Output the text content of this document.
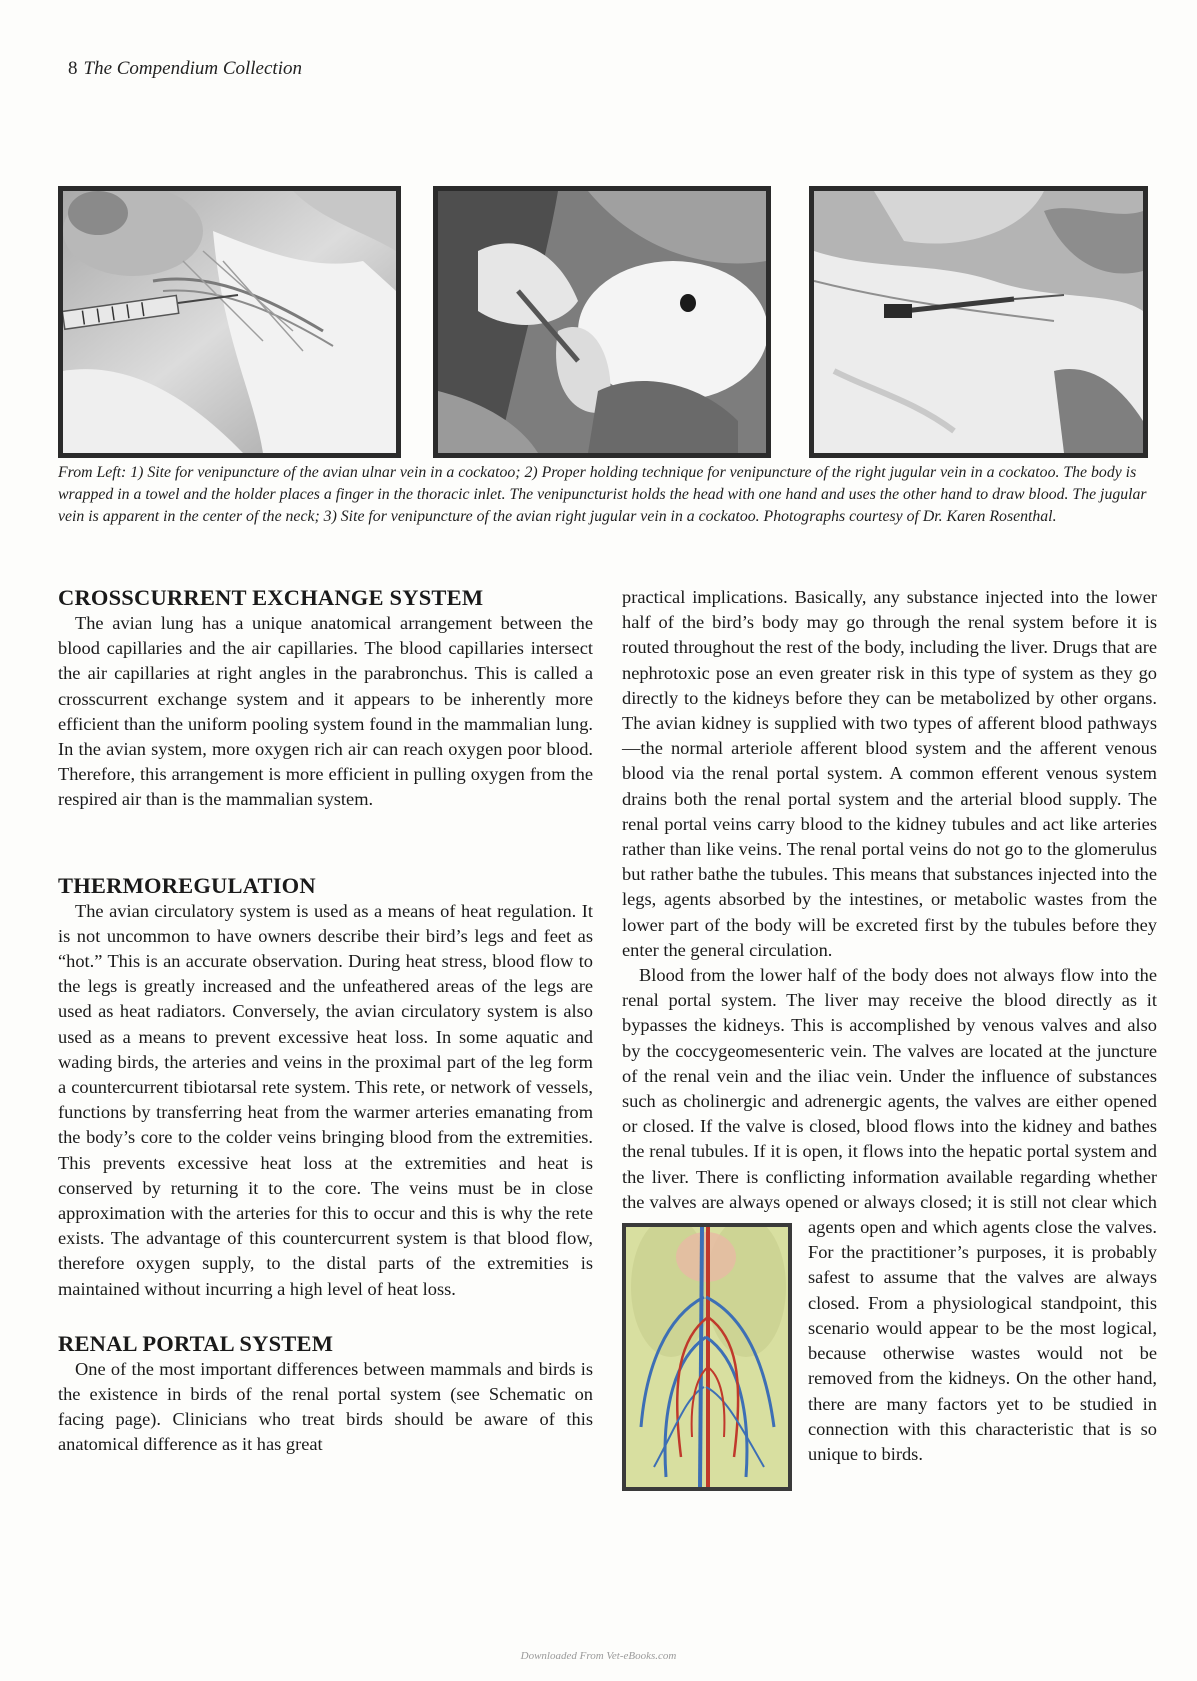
8 The Compendium Collection
From Left: 1) Site for venipuncture of the avian ulnar vein in a cockatoo; 2) Proper holding technique for venipuncture of the right jugular vein in a cockatoo. The body is wrapped in a towel and the holder places a finger in the thoracic inlet. The venipuncturist holds the head with one hand and uses the other hand to draw blood. The jugular vein is apparent in the center of the neck; 3) Site for venipuncture of the avian right jugular vein in a cockatoo. Photographs courtesy of Dr. Karen Rosenthal.
CROSSCURRENT EXCHANGE SYSTEM

The avian lung has a unique anatomical arrangement between the blood capillaries and the air capillaries. The blood capillaries intersect the air capillaries at right angles in the parabronchus. This is called a crosscurrent exchange system and it appears to be inherently more efficient than the uniform pooling system found in the mammalian lung. In the avian system, more oxygen rich air can reach oxygen poor blood. Therefore, this arrangement is more efficient in pulling oxygen from the respired air than is the mammalian system.

THERMOREGULATION

The avian circulatory system is used as a means of heat regulation. It is not uncommon to have owners describe their bird’s legs and feet as “hot.” This is an accurate observation. During heat stress, blood flow to the legs is greatly increased and the unfeathered areas of the legs are used as heat radiators. Conversely, the avian circulatory system is also used as a means to prevent excessive heat loss. In some aquatic and wading birds, the arteries and veins in the proximal part of the leg form a countercurrent tibiotarsal rete system. This rete, or network of vessels, functions by transferring heat from the warmer arteries emanating from the body’s core to the colder veins bringing blood from the extremities. This prevents excessive heat loss at the extremities and heat is conserved by returning it to the core. The veins must be in close approximation with the arteries for this to occur and this is why the rete exists. The advantage of this countercurrent system is that blood flow, therefore oxygen supply, to the distal parts of the extremities is maintained without incurring a high level of heat loss.

RENAL PORTAL SYSTEM

One of the most important differences between mammals and birds is the existence in birds of the renal portal system (see Schematic on facing page). Clinicians who treat birds should be aware of this anatomical difference as it has great

practical implications. Basically, any substance injected into the lower half of the bird’s body may go through the renal system before it is routed throughout the rest of the body, including the liver. Drugs that are nephrotoxic pose an even greater risk in this type of system as they go directly to the kidneys before they can be metabolized by other organs. The avian kidney is supplied with two types of afferent blood pathways—the normal arteriole afferent blood system and the afferent venous blood via the renal portal system. A common efferent venous system drains both the renal portal system and the arterial blood supply. The renal portal veins carry blood to the kidney tubules and act like arteries rather than like veins. The renal portal veins do not go to the glomerulus but rather bathe the tubules. This means that substances injected into the legs, agents absorbed by the intestines, or metabolic wastes from the lower part of the body will be excreted first by the tubules before they enter the general circulation.

Blood from the lower half of the body does not always flow into the renal portal system. The liver may receive the blood directly as it bypasses the kidneys. This is accomplished by venous valves and also by the coccygeomesenteric vein. The valves are located at the juncture of the renal vein and the iliac vein. Under the influence of substances such as cholinergic and adrenergic agents, the valves are either opened or closed. If the valve is closed, blood flows into the kidney and bathes the renal tubules. If it is open, it flows into the hepatic portal system and the liver. There is conflicting information available regarding whether the valves are always opened or always closed; it is still not clear which agents open and which
agents close the valves. For the practitioner’s purposes, it is probably safest to assume that the valves are always closed. From a physiological standpoint, this scenario would appear to be the most logical, because otherwise wastes would not be removed from the kidneys. On the other hand, there are many factors yet to be studied in connection with this characteristic that is so unique to birds.

Downloaded From Vet-eBooks.com
